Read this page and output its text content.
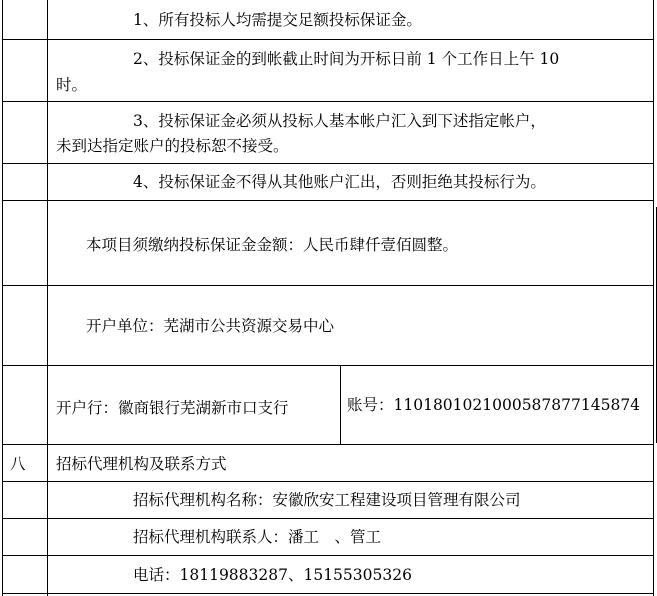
1、所有投标人均需提交足额投标保证金。
2、投标保证金的到帐截止时间为开标日前 1 个工作日上午 10
时。
3、投标保证金必须从投标人基本帐户汇入到下述指定帐户，
未到达指定账户的投标恕不接受。
4、投标保证金不得从其他账户汇出，否则拒绝其投标行为。
本项目须缴纳投标保证金金额：人民币肆仟壹佰圆整。
开户单位：芜湖市公共资源交易中心
开户行：徽商银行芜湖新市口支行	账号：11018010210005878771458​74
八 招标代理机构及联系方式
招标代理机构名称：安徽欣安工程建设项目管理有限公司
招标代理机构联系人：潘工　、管工
电话：18119883287、15155305326
